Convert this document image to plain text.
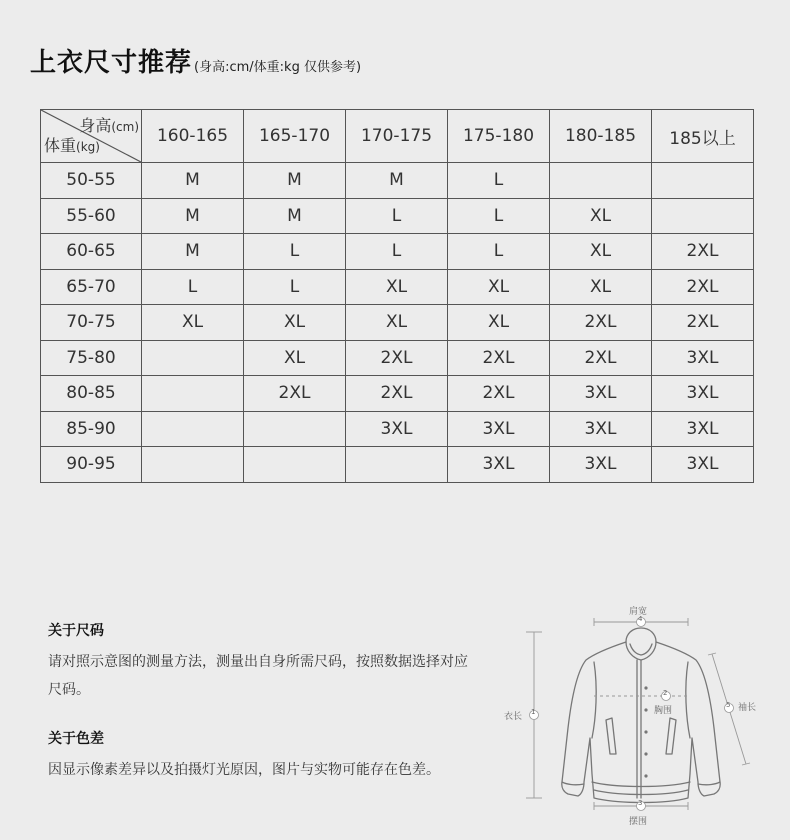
上衣尺寸推荐 (身高:cm/体重:kg 仅供参考)
身高(cm)
体重(kg)	160-165	165-170	170-175	175-180	180-185	185以上
50-55	M	M	M	L		
55-60	M	M	L	L	XL	
60-65	M	L	L	L	XL	2XL
65-70	L	L	XL	XL	XL	2XL
70-75	XL	XL	XL	XL	2XL	2XL
75-80		XL	2XL	2XL	2XL	3XL
80-85		2XL	2XL	2XL	3XL	3XL
85-90			3XL	3XL	3XL	3XL
90-95				3XL	3XL	3XL
关于尺码

请对照示意图的测量方法，测量出自身所需尺码，按照数据选择对应尺码。

关于色差

因显示像素差异以及拍摄灯光原因，图片与实物可能存在色差。

肩宽
4
胸围
2
衣长 1
摆围
3
袖长
5
